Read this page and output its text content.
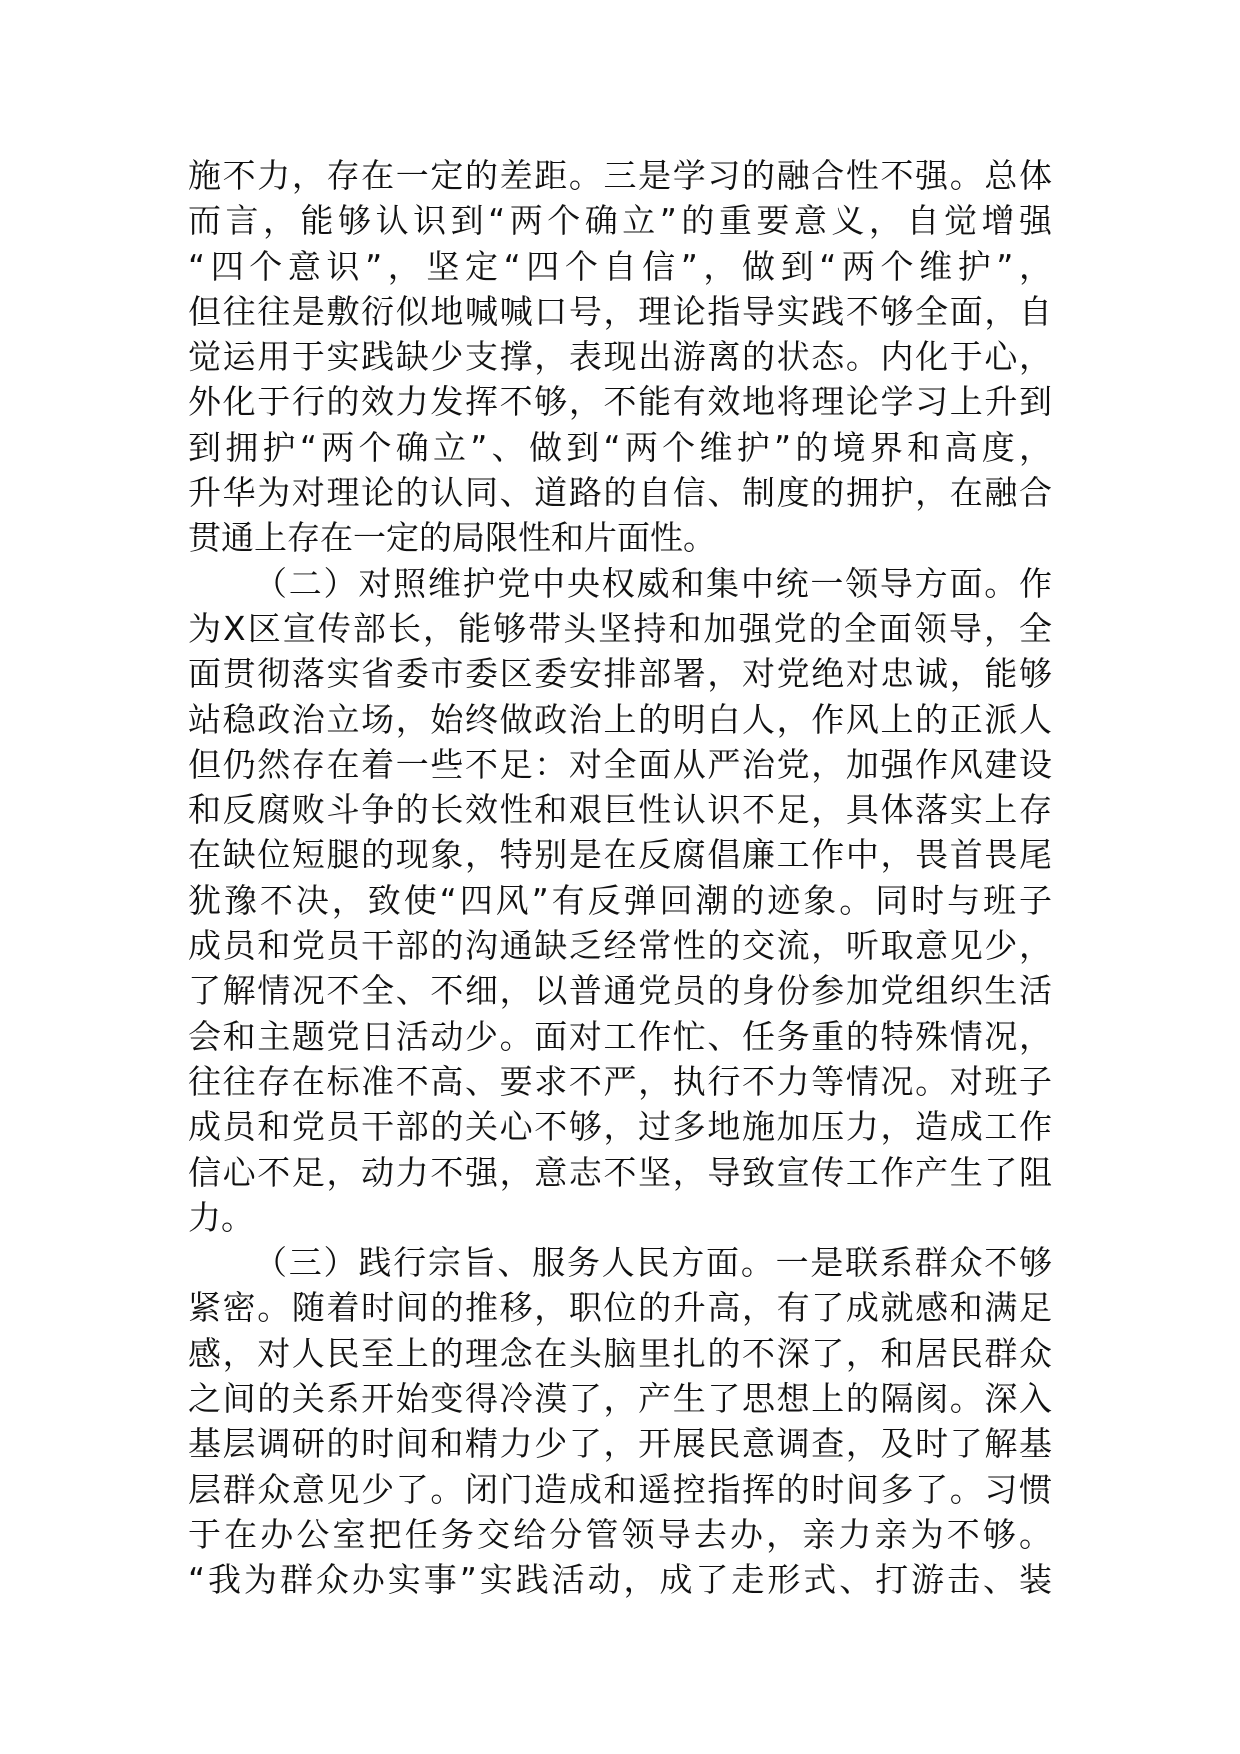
施不力，存在一定的差距。三是学习的融合性不强。总体
而言，能够认识到“两个确立”的重要意义，自觉增强
“四个意识”，坚定“四个自信”，做到“两个维护”，
但往往是敷衍似地喊喊口号，理论指导实践不够全面，自
觉运用于实践缺少支撑，表现出游离的状态。内化于心，
外化于行的效力发挥不够，不能有效地将理论学习上升到
到拥护“两个确立”、做到“两个维护”的境界和高度，
升华为对理论的认同、道路的自信、制度的拥护，在融合
贯通上存在一定的局限性和片面性。
（二）对照维护党中央权威和集中统一领导方面。作
为X区宣传部长，能够带头坚持和加强党的全面领导，全
面贯彻落实省委市委区委安排部署，对党绝对忠诚，能够
站稳政治立场，始终做政治上的明白人，作风上的正派人
但仍然存在着一些不足：对全面从严治党，加强作风建设
和反腐败斗争的长效性和艰巨性认识不足，具体落实上存
在缺位短腿的现象，特别是在反腐倡廉工作中，畏首畏尾
犹豫不决，致使“四风”有反弹回潮的迹象。同时与班子
成员和党员干部的沟通缺乏经常性的交流，听取意见少，
了解情况不全、不细，以普通党员的身份参加党组织生活
会和主题党日活动少。面对工作忙、任务重的特殊情况，
往往存在标准不高、要求不严，执行不力等情况。对班子
成员和党员干部的关心不够，过多地施加压力，造成工作
信心不足，动力不强，意志不坚，导致宣传工作产生了阻
力。
（三）践行宗旨、服务人民方面。一是联系群众不够
紧密。随着时间的推移，职位的升高，有了成就感和满足
感，对人民至上的理念在头脑里扎的不深了，和居民群众
之间的关系开始变得冷漠了，产生了思想上的隔阂。深入
基层调研的时间和精力少了，开展民意调查，及时了解基
层群众意见少了。闭门造成和遥控指挥的时间多了。习惯
于在办公室把任务交给分管领导去办，亲力亲为不够。
“我为群众办实事”实践活动，成了走形式、打游击、装
